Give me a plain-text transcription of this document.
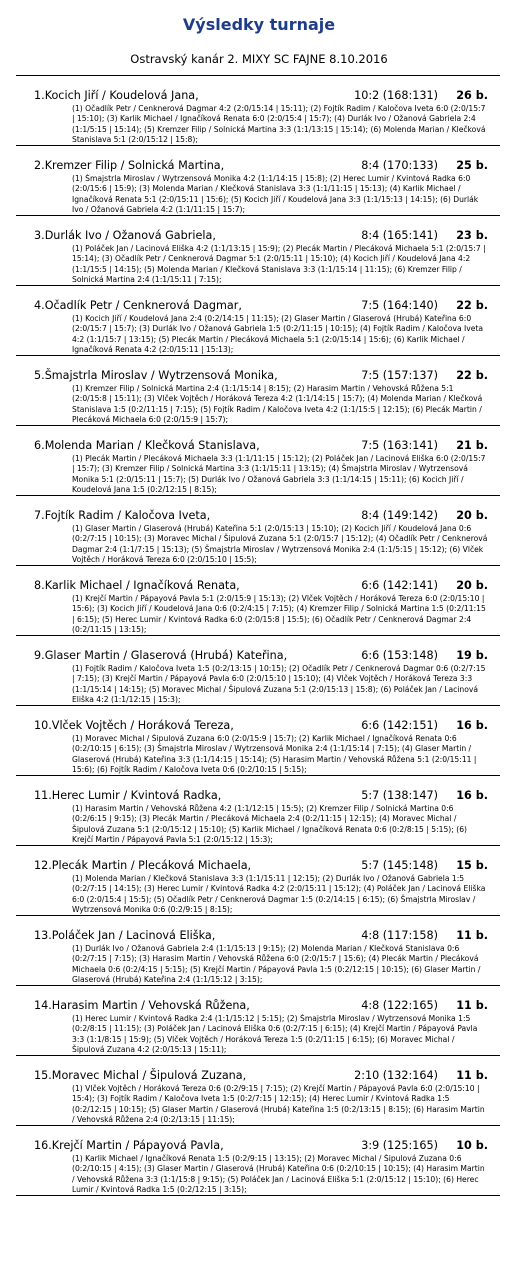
Výsledky turnaje
Ostravský kanár 2. MIXY SC FAJNE 8.10.2016
1.Kocich Jiří / Koudelová Jana,	10:2 (168:131) 26 b.
(1) Očadlík Petr / Cenknerová Dagmar 4:2 (2:0/15:14 | 15:11); (2) Fojtík Radim / Kaločova Iveta 6:0 (2:0/15:7 | 15:10); (3) Karlik Michael / Ignačíková Renata 6:0 (2:0/15:4 | 15:7); (4) Durlák Ivo / Ožanová Gabriela 2:4 (1:1/5:15 | 15:14); (5) Kremzer Filip / Solnická Martina 3:3 (1:1/13:15 | 15:14); (6) Molenda Marian / Klečková Stanislava 5:1 (2:0/15:12 | 15:8);
2.Kremzer Filip / Solnická Martina,	8:4 (170:133) 25 b.
(1) Šmajstrla Miroslav / Wytrzensová Monika 4:2 (1:1/14:15 | 15:8); (2) Herec Lumir / Kvintová Radka 6:0 (2:0/15:6 | 15:9); (3) Molenda Marian / Klečková Stanislava 3:3 (1:1/11:15 | 15:13); (4) Karlik Michael / Ignačíková Renata 5:1 (2:0/15:11 | 15:6); (5) Kocich Jiří / Koudelová Jana 3:3 (1:1/15:13 | 14:15); (6) Durlák Ivo / Ožanová Gabriela 4:2 (1:1/11:15 | 15:7);
3.Durlák Ivo / Ožanová Gabriela,	8:4 (165:141) 23 b.
(1) Poláček Jan / Lacinová Eliška 4:2 (1:1/13:15 | 15:9); (2) Plecák Martin / Plecáková Michaela 5:1 (2:0/15:7 | 15:14); (3) Očadlík Petr / Cenknerová Dagmar 5:1 (2:0/15:11 | 15:10); (4) Kocich Jiří / Koudelová Jana 4:2 (1:1/15:5 | 14:15); (5) Molenda Marian / Klečková Stanislava 3:3 (1:1/15:14 | 11:15); (6) Kremzer Filip / Solnická Martina 2:4 (1:1/15:11 | 7:15);
4.Očadlík Petr / Cenknerová Dagmar,	7:5 (164:140) 22 b.
(1) Kocich Jiří / Koudelová Jana 2:4 (0:2/14:15 | 11:15); (2) Glaser Martin / Glaserová (Hrubá) Kateřina 6:0 (2:0/15:7 | 15:7); (3) Durlák Ivo / Ožanová Gabriela 1:5 (0:2/11:15 | 10:15); (4) Fojtík Radim / Kaločova Iveta 4:2 (1:1/15:7 | 13:15); (5) Plecák Martin / Plecáková Michaela 5:1 (2:0/15:14 | 15:6); (6) Karlik Michael / Ignačíková Renata 4:2 (2:0/15:11 | 15:13);
5.Šmajstrla Miroslav / Wytrzensová Monika,	7:5 (157:137) 22 b.
(1) Kremzer Filip / Solnická Martina 2:4 (1:1/15:14 | 8:15); (2) Harasim Martin / Vehovská Růžena 5:1 (2:0/15:8 | 15:11); (3) Vlček Vojtěch / Horáková Tereza 4:2 (1:1/14:15 | 15:7); (4) Molenda Marian / Klečková Stanislava 1:5 (0:2/11:15 | 7:15); (5) Fojtík Radim / Kaločova Iveta 4:2 (1:1/15:5 | 12:15); (6) Plecák Martin / Plecáková Michaela 6:0 (2:0/15:9 | 15:7);
6.Molenda Marian / Klečková Stanislava,	7:5 (163:141) 21 b.
(1) Plecák Martin / Plecáková Michaela 3:3 (1:1/11:15 | 15:12); (2) Poláček Jan / Lacinová Eliška 6:0 (2:0/15:7 | 15:7); (3) Kremzer Filip / Solnická Martina 3:3 (1:1/15:11 | 13:15); (4) Šmajstrla Miroslav / Wytrzensová Monika 5:1 (2:0/15:11 | 15:7); (5) Durlák Ivo / Ožanová Gabriela 3:3 (1:1/14:15 | 15:11); (6) Kocich Jiří / Koudelová Jana 1:5 (0:2/12:15 | 8:15);
7.Fojtík Radim / Kaločova Iveta,	8:4 (149:142) 20 b.
(1) Glaser Martin / Glaserová (Hrubá) Kateřina 5:1 (2:0/15:13 | 15:10); (2) Kocich Jiří / Koudelová Jana 0:6 (0:2/7:15 | 10:15); (3) Moravec Michal / Šipulová Zuzana 5:1 (2:0/15:7 | 15:12); (4) Očadlík Petr / Cenknerová Dagmar 2:4 (1:1/7:15 | 15:13); (5) Šmajstrla Miroslav / Wytrzensová Monika 2:4 (1:1/5:15 | 15:12); (6) Vlček Vojtěch / Horáková Tereza 6:0 (2:0/15:10 | 15:5);
8.Karlik Michael / Ignačíková Renata,	6:6 (142:141) 20 b.
(1) Krejčí Martin / Pápayová Pavla 5:1 (2:0/15:9 | 15:13); (2) Vlček Vojtěch / Horáková Tereza 6:0 (2:0/15:10 | 15:6); (3) Kocich Jiří / Koudelová Jana 0:6 (0:2/4:15 | 7:15); (4) Kremzer Filip / Solnická Martina 1:5 (0:2/11:15 | 6:15); (5) Herec Lumir / Kvintová Radka 6:0 (2:0/15:8 | 15:5); (6) Očadlík Petr / Cenknerová Dagmar 2:4 (0:2/11:15 | 13:15);
9.Glaser Martin / Glaserová (Hrubá) Kateřina,	6:6 (153:148) 19 b.
(1) Fojtík Radim / Kaločova Iveta 1:5 (0:2/13:15 | 10:15); (2) Očadlík Petr / Cenknerová Dagmar 0:6 (0:2/7:15 | 7:15); (3) Krejčí Martin / Pápayová Pavla 6:0 (2:0/15:10 | 15:10); (4) Vlček Vojtěch / Horáková Tereza 3:3 (1:1/15:14 | 14:15); (5) Moravec Michal / Šipulová Zuzana 5:1 (2:0/15:13 | 15:8); (6) Poláček Jan / Lacinová Eliška 4:2 (1:1/12:15 | 15:3);
10.Vlček Vojtěch / Horáková Tereza,	6:6 (142:151) 16 b.
(1) Moravec Michal / Šipulová Zuzana 6:0 (2:0/15:9 | 15:7); (2) Karlik Michael / Ignačíková Renata 0:6 (0:2/10:15 | 6:15); (3) Šmajstrla Miroslav / Wytrzensová Monika 2:4 (1:1/15:14 | 7:15); (4) Glaser Martin / Glaserová (Hrubá) Kateřina 3:3 (1:1/14:15 | 15:14); (5) Harasim Martin / Vehovská Růžena 5:1 (2:0/15:11 | 15:6); (6) Fojtík Radim / Kaločova Iveta 0:6 (0:2/10:15 | 5:15);
11.Herec Lumir / Kvintová Radka,	5:7 (138:147) 16 b.
(1) Harasim Martin / Vehovská Růžena 4:2 (1:1/12:15 | 15:5); (2) Kremzer Filip / Solnická Martina 0:6 (0:2/6:15 | 9:15); (3) Plecák Martin / Plecáková Michaela 2:4 (0:2/11:15 | 12:15); (4) Moravec Michal / Šipulová Zuzana 5:1 (2:0/15:12 | 15:10); (5) Karlik Michael / Ignačíková Renata 0:6 (0:2/8:15 | 5:15); (6) Krejčí Martin / Pápayová Pavla 5:1 (2:0/15:12 | 15:3);
12.Plecák Martin / Plecáková Michaela,	5:7 (145:148) 15 b.
(1) Molenda Marian / Klečková Stanislava 3:3 (1:1/15:11 | 12:15); (2) Durlák Ivo / Ožanová Gabriela 1:5 (0:2/7:15 | 14:15); (3) Herec Lumir / Kvintová Radka 4:2 (2:0/15:11 | 15:12); (4) Poláček Jan / Lacinová Eliška 6:0 (2:0/15:4 | 15:5); (5) Očadlík Petr / Cenknerová Dagmar 1:5 (0:2/14:15 | 6:15); (6) Šmajstrla Miroslav / Wytrzensová Monika 0:6 (0:2/9:15 | 8:15);
13.Poláček Jan / Lacinová Eliška,	4:8 (117:158) 11 b.
(1) Durlák Ivo / Ožanová Gabriela 2:4 (1:1/15:13 | 9:15); (2) Molenda Marian / Klečková Stanislava 0:6 (0:2/7:15 | 7:15); (3) Harasim Martin / Vehovská Růžena 6:0 (2:0/15:7 | 15:6); (4) Plecák Martin / Plecáková Michaela 0:6 (0:2/4:15 | 5:15); (5) Krejčí Martin / Pápayová Pavla 1:5 (0:2/12:15 | 10:15); (6) Glaser Martin / Glaserová (Hrubá) Kateřina 2:4 (1:1/15:12 | 3:15);
14.Harasim Martin / Vehovská Růžena,	4:8 (122:165) 11 b.
(1) Herec Lumir / Kvintová Radka 2:4 (1:1/15:12 | 5:15); (2) Šmajstrla Miroslav / Wytrzensová Monika 1:5 (0:2/8:15 | 11:15); (3) Poláček Jan / Lacinová Eliška 0:6 (0:2/7:15 | 6:15); (4) Krejčí Martin / Pápayová Pavla 3:3 (1:1/8:15 | 15:9); (5) Vlček Vojtěch / Horáková Tereza 1:5 (0:2/11:15 | 6:15); (6) Moravec Michal / Šipulová Zuzana 4:2 (2:0/15:13 | 15:11);
15.Moravec Michal / Šipulová Zuzana,	2:10 (132:164) 11 b.
(1) Vlček Vojtěch / Horáková Tereza 0:6 (0:2/9:15 | 7:15); (2) Krejčí Martin / Pápayová Pavla 6:0 (2:0/15:10 | 15:4); (3) Fojtík Radim / Kaločova Iveta 1:5 (0:2/7:15 | 12:15); (4) Herec Lumir / Kvintová Radka 1:5 (0:2/12:15 | 10:15); (5) Glaser Martin / Glaserová (Hrubá) Kateřina 1:5 (0:2/13:15 | 8:15); (6) Harasim Martin / Vehovská Růžena 2:4 (0:2/13:15 | 11:15);
16.Krejčí Martin / Pápayová Pavla,	3:9 (125:165) 10 b.
(1) Karlik Michael / Ignačíková Renata 1:5 (0:2/9:15 | 13:15); (2) Moravec Michal / Šipulová Zuzana 0:6 (0:2/10:15 | 4:15); (3) Glaser Martin / Glaserová (Hrubá) Kateřina 0:6 (0:2/10:15 | 10:15); (4) Harasim Martin / Vehovská Růžena 3:3 (1:1/15:8 | 9:15); (5) Poláček Jan / Lacinová Eliška 5:1 (2:0/15:12 | 15:10); (6) Herec Lumir / Kvintová Radka 1:5 (0:2/12:15 | 3:15);
